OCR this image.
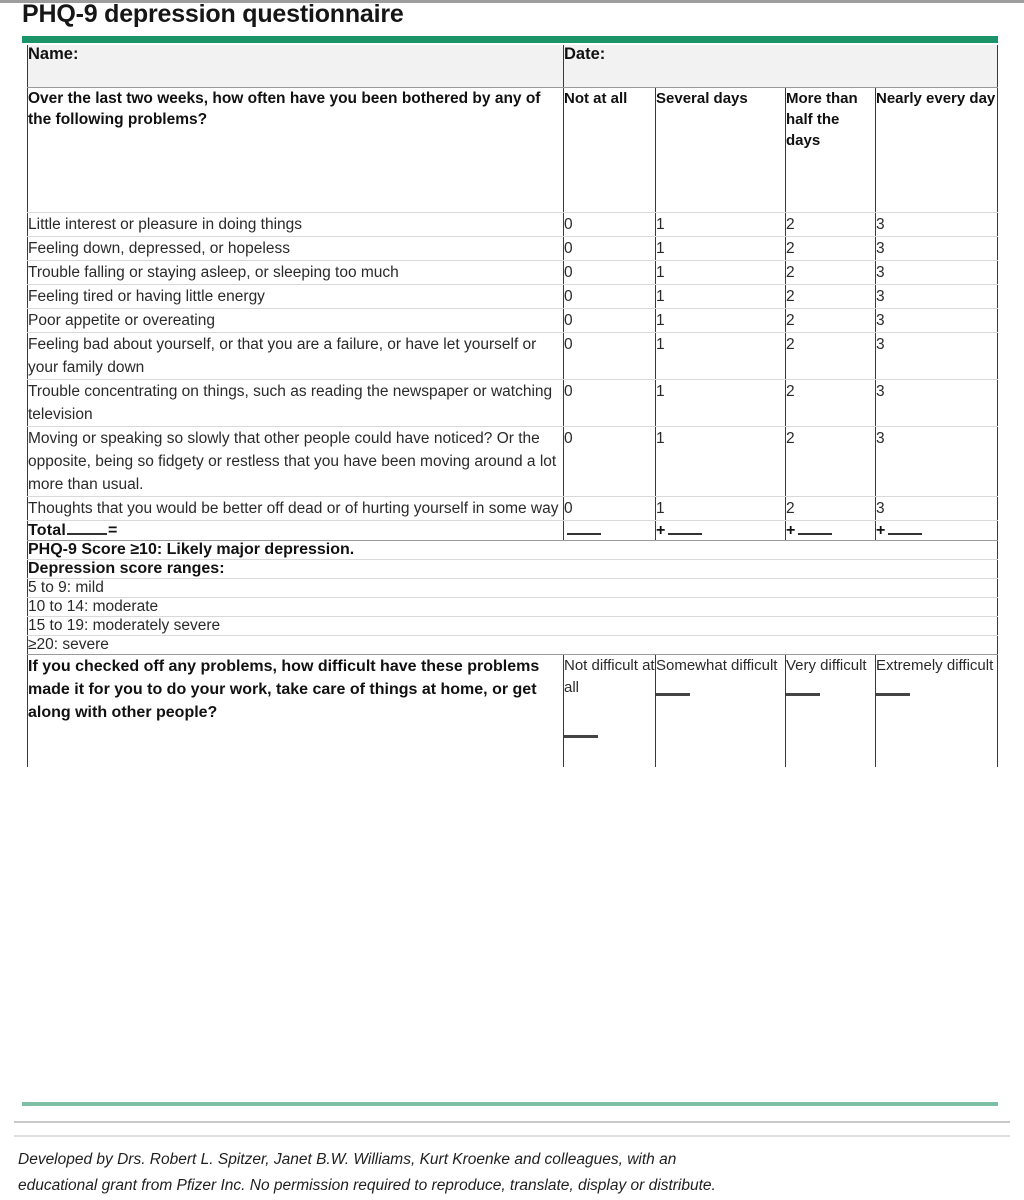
PHQ-9 depression questionnaire
Name:	Date:			
Over the last two weeks, how often have you been bothered by any of the following problems?	Not at all	Several days	More than half the days	Nearly every day
Little interest or pleasure in doing things	0	1	2	3
Feeling down, depressed, or hopeless	0	1	2	3
Trouble falling or staying asleep, or sleeping too much	0	1	2	3
Feeling tired or having little energy	0	1	2	3
Poor appetite or overeating	0	1	2	3
Feeling bad about yourself, or that you are a failure, or have let yourself or your family down	0	1	2	3
Trouble concentrating on things, such as reading the newspaper or watching television	0	1	2	3
Moving or speaking so slowly that other people could have noticed? Or the opposite, being so fidgety or restless that you have been moving around a lot more than usual.	0	1	2	3
Thoughts that you would be better off dead or of hurting yourself in some way	0	1	2	3
Total =		+	+	+
PHQ-9 Score ≥10: Likely major depression.				
Depression score ranges:				
5 to 9: mild				
10 to 14: moderate				
15 to 19: moderately severe				
≥20: severe				
If you checked off any problems, how difficult have these problems made it for you to do your work, take care of things at home, or get along with other people?	Not difficult at all	Somewhat difficult	Very difficult	Extremely difficult
Developed by Drs. Robert L. Spitzer, Janet B.W. Williams, Kurt Kroenke and colleagues, with an
educational grant from Pfizer Inc. No permission required to reproduce, translate, display or distribute.
